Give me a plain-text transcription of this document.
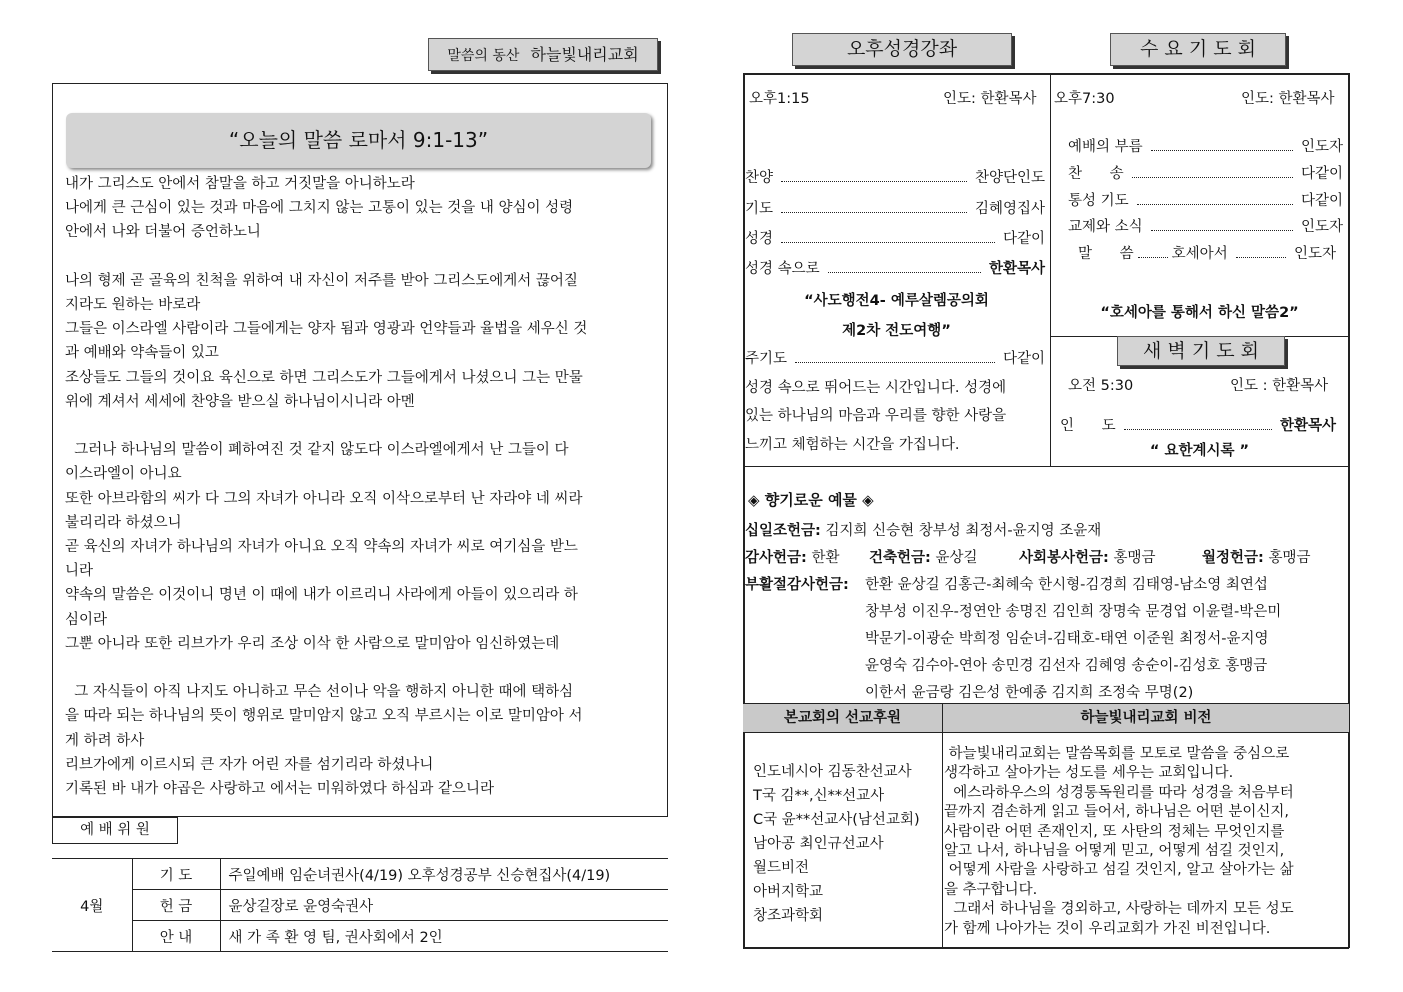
말씀의 동산 하늘빛내리교회
“오늘의 말씀 로마서 9:1-13”
내가 그리스도 안에서 참말을 하고 거짓말을 아니하노라
나에게 큰 근심이 있는 것과 마음에 그치지 않는 고통이 있는 것을 내 양심이 성령
안에서 나와 더불어 증언하노니
나의 형제 곧 골육의 친척을 위하여 내 자신이 저주를 받아 그리스도에게서 끊어질
지라도 원하는 바로라
그들은 이스라엘 사람이라 그들에게는 양자 됨과 영광과 언약들과 율법을 세우신 것
과 예배와 약속들이 있고
조상들도 그들의 것이요 육신으로 하면 그리스도가 그들에게서 나셨으니 그는 만물
위에 계셔서 세세에 찬양을 받으실 하나님이시니라 아멘
그러나 하나님의 말씀이 폐하여진 것 같지 않도다 이스라엘에게서 난 그들이 다
이스라엘이 아니요
또한 아브라함의 씨가 다 그의 자녀가 아니라 오직 이삭으로부터 난 자라야 네 씨라
불리리라 하셨으니
곧 육신의 자녀가 하나님의 자녀가 아니요 오직 약속의 자녀가 씨로 여기심을 받느
니라
약속의 말씀은 이것이니 명년 이 때에 내가 이르리니 사라에게 아들이 있으리라 하
심이라
그뿐 아니라 또한 리브가가 우리 조상 이삭 한 사람으로 말미암아 임신하였는데
그 자식들이 아직 나지도 아니하고 무슨 선이나 악을 행하지 아니한 때에 택하심
을 따라 되는 하나님의 뜻이 행위로 말미암지 않고 오직 부르시는 이로 말미암아 서
게 하려 하사
리브가에게 이르시되 큰 자가 어린 자를 섬기리라 하셨나니
기록된 바 내가 야곱은 사랑하고 에서는 미워하였다 하심과 같으니라
예 배 위 원
4월	기 도	주일예배 임순녀권사(4/19) 오후성경공부 신승현집사(4/19)
	헌 금	윤상길장로 윤영숙권사
	안 내	새 가 족 환 영 팀, 권사회에서 2인
오후성경강좌	수 요 기 도 회
오후1:15	인도: 한환목사
찬양	찬양단인도
기도	김혜영집사
성경	다같이
성경 속으로	한환목사
“사도행전4- 예루살렘공의회
제2차 전도여행”
주기도	다같이
성경 속으로 뛰어드는 시간입니다. 성경에
있는 하나님의 마음과 우리를 향한 사랑을
느끼고 체험하는 시간을 가집니다.
오후7:30	인도: 한환목사
예배의 부름	인도자
찬      송	다같이
통성 기도	다같이
교제와 소식	인도자
말      씀	호세아서	인도자
“호세아를 통해서 하신 말씀2”
새 벽 기 도 회
오전 5:30	인도 : 한환목사
인      도	한환목사
“ 요한계시록 ”
◈ 향기로운 예물 ◈
십일조헌금: 김지희 신승현 창부성 최정서-윤지영 조윤재
감사헌금: 한환 건축헌금: 윤상길	사회봉사헌금: 홍맹금	월정헌금: 홍맹금
부활절감사헌금: 한환 윤상길 김홍근-최혜숙 한시형-김경희 김태영-남소영 최연섭
창부성 이진우-정연안 송명진 김인희 장명숙 문경업 이윤렬-박은미
박문기-이광순 박희정 임순녀-김태호-태연 이준원 최정서-윤지영
윤영숙 김수아-연아 송민경 김선자 김혜영 송순이-김성호 홍맹금
이한서 윤금랑 김은성 한예종 김지희 조정숙 무명(2)
본교회의 선교후원	하늘빛내리교회 비전
인도네시아 김동찬선교사
T국 김**,신**선교사
C국 윤**선교사(남선교회)
남아공 최인규선교사
월드비전
아버지학교
창조과학회
하늘빛내리교회는 말씀목회를 모토로 말씀을 중심으로
생각하고 살아가는 성도를 세우는 교회입니다.
에스라하우스의 성경통독원리를 따라 성경을 처음부터
끝까지 겸손하게 읽고 들어서, 하나님은 어떤 분이신지,
사람이란 어떤 존재인지, 또 사탄의 정체는 무엇인지를
알고 나서, 하나님을 어떻게 믿고, 어떻게 섬길 것인지,
어떻게 사람을 사랑하고 섬길 것인지, 알고 살아가는 삶
을 추구합니다.
그래서 하나님을 경외하고, 사랑하는 데까지 모든 성도
가 함께 나아가는 것이 우리교회가 가진 비전입니다.
